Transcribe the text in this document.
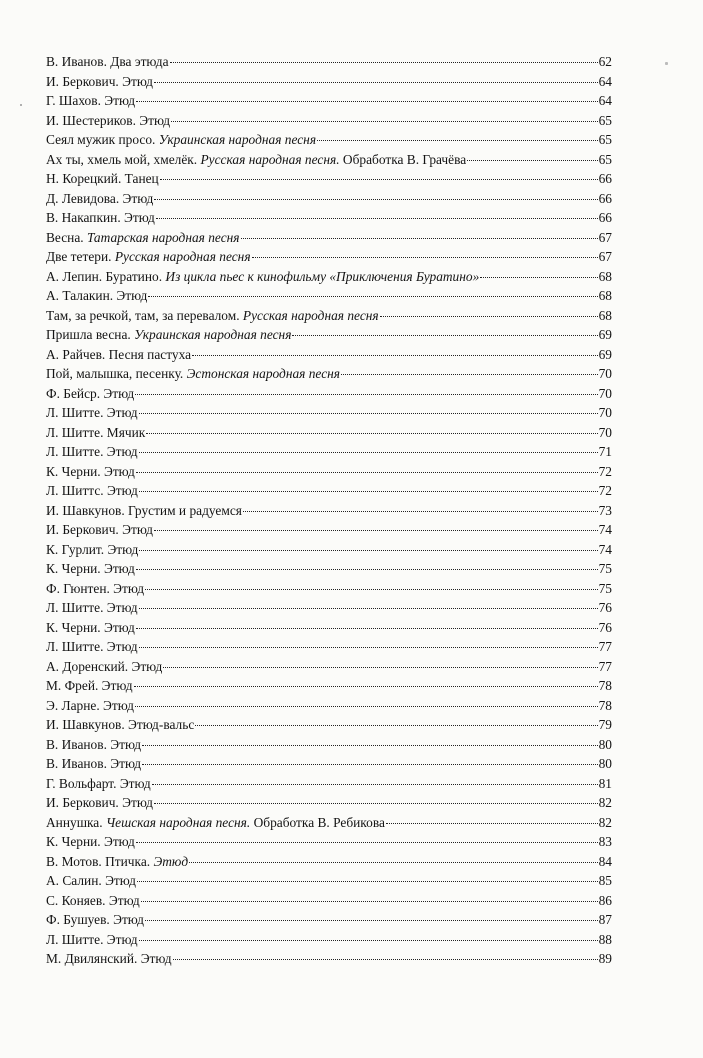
В. Иванов. Два этюда	62
И. Беркович. Этюд	64
Г. Шахов. Этюд	64
И. Шестериков. Этюд	65
Сеял мужик просо. Украинская народная песня	65
Ах ты, хмель мой, хмелёк. Русская народная песня. Обработка В. Грачёва	65
Н. Корецкий. Танец	66
Д. Левидова. Этюд	66
В. Накапкин. Этюд	66
Весна. Татарская народная песня	67
Две тетери. Русская народная песня	67
А. Лепин. Буратино. Из цикла пьес к кинофильму «Приключения Буратино»	68
А. Талакин. Этюд	68
Там, за речкой, там, за перевалом. Русская народная песня	68
Пришла весна. Украинская народная песня	69
А. Райчев. Песня пастуха	69
Пой, малышка, песенку. Эстонская народная песня	70
Ф. Бейср. Этюд	70
Л. Шитте. Этюд	70
Л. Шитте. Мячик	70
Л. Шитте. Этюд	71
К. Черни. Этюд	72
Л. Шиттс. Этюд	72
И. Шавкунов. Грустим и радуемся	73
И. Беркович. Этюд	74
К. Гурлит. Этюд	74
К. Черни. Этюд	75
Ф. Гюнтен. Этюд	75
Л. Шитте. Этюд	76
К. Черни. Этюд	76
Л. Шитте. Этюд	77
А. Доренский. Этюд	77
М. Фрей. Этюд	78
Э. Ларне. Этюд	78
И. Шавкунов. Этюд-вальс	79
В. Иванов. Этюд	80
В. Иванов. Этюд	80
Г. Вольфарт. Этюд	81
И. Беркович. Этюд	82
Аннушка. Чешская народная песня. Обработка В. Ребикова	82
К. Черни. Этюд	83
В. Мотов. Птичка. Этюд	84
А. Салин. Этюд	85
С. Коняев. Этюд	86
Ф. Бушуев. Этюд	87
Л. Шитте. Этюд	88
М. Двилянский. Этюд	89
